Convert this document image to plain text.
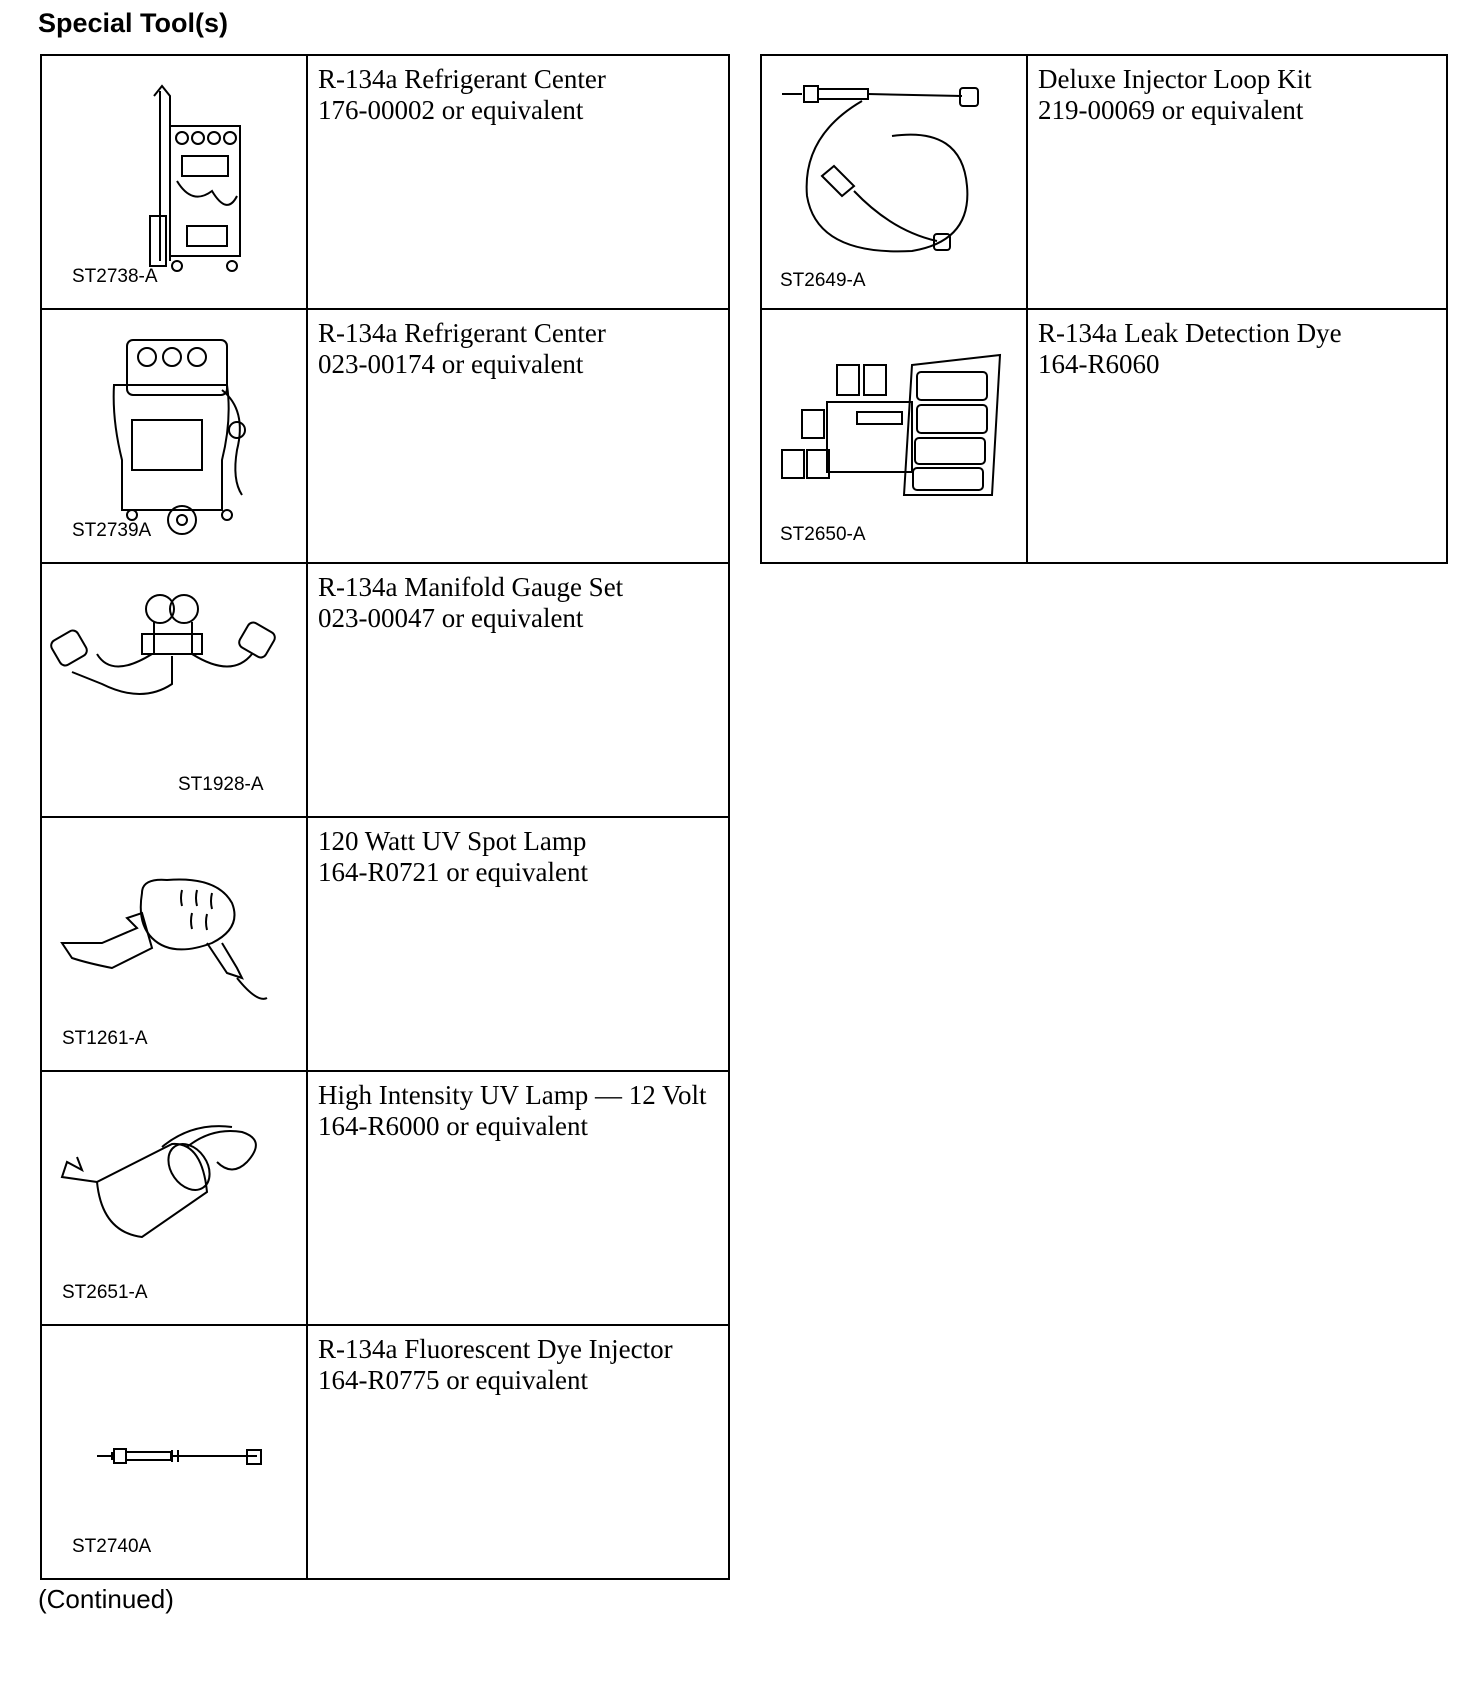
Special Tool(s)
ST2738-A	R-134a Refrigerant Center
176-00002 or equivalent

ST2739A	R-134a Refrigerant Center
023-00174 or equivalent

ST1928-A	R-134a Manifold Gauge Set
023-00047 or equivalent

ST1261-A	120 Watt UV Spot Lamp
164-R0721 or equivalent

ST2651-A	High Intensity UV Lamp — 12 Volt
164-R6000 or equivalent

ST2740A	R-134a Fluorescent Dye Injector
164-R0775 or equivalent
ST2649-A	Deluxe Injector Loop Kit
219-00069 or equivalent

ST2650-A	R-134a Leak Detection Dye
164-R6060

(Continued)
